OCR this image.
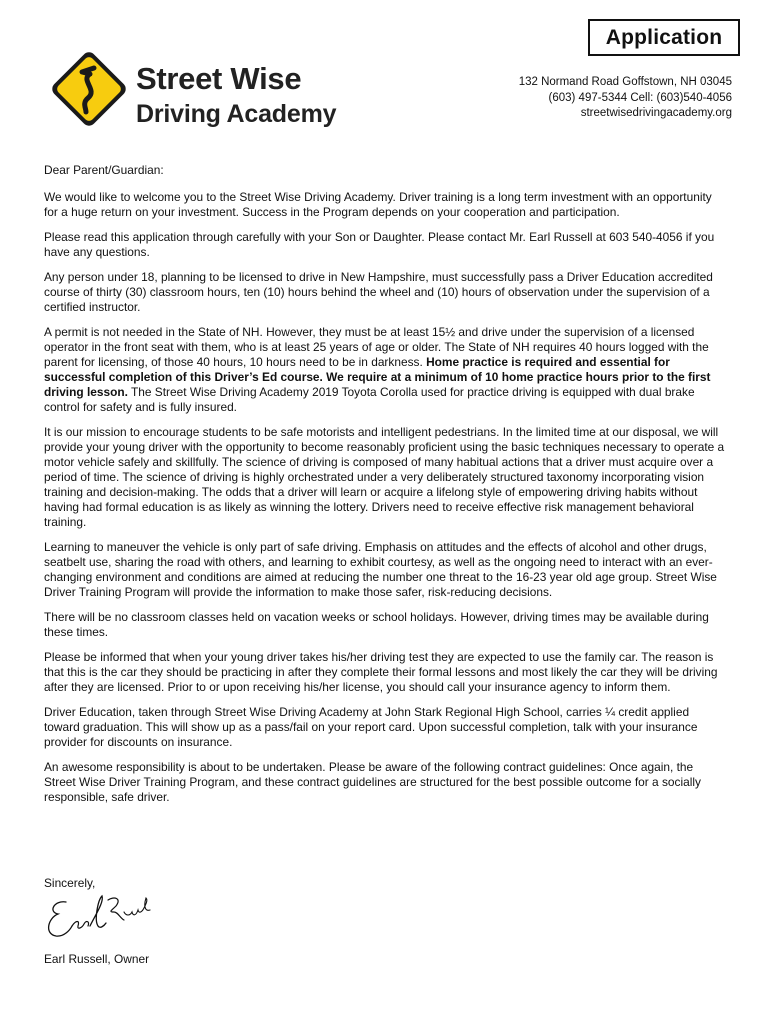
Application
Street Wise
Driving Academy
132 Normand Road Goffstown, NH 03045
(603) 497-5344 Cell: (603)540-4056
streetwisedrivingacademy.org

Dear Parent/Guardian:

We would like to welcome you to the Street Wise Driving Academy. Driver training is a long term investment with an opportunity for a huge return on your investment. Success in the Program depends on your cooperation and participation.

Please read this application through carefully with your Son or Daughter. Please contact Mr. Earl Russell at 603 540-4056 if you have any questions.

Any person under 18, planning to be licensed to drive in New Hampshire, must successfully pass a Driver Education accredited course of thirty (30) classroom hours, ten (10) hours behind the wheel and (10) hours of observation under the supervision of a certified instructor.

A permit is not needed in the State of NH. However, they must be at least 15½ and drive under the supervision of a licensed operator in the front seat with them, who is at least 25 years of age or older. The State of NH requires 40 hours logged with the parent for licensing, of those 40 hours, 10 hours need to be in darkness. Home practice is required and essential for successful completion of this Driver’s Ed course. We require at a minimum of 10 home practice hours prior to the first driving lesson. The Street Wise Driving Academy 2019 Toyota Corolla used for practice driving is equipped with dual brake control for safety and is fully insured.

It is our mission to encourage students to be safe motorists and intelligent pedestrians. In the limited time at our disposal, we will provide your young driver with the opportunity to become reasonably proficient using the basic techniques necessary to operate a motor vehicle safely and skillfully. The science of driving is composed of many habitual actions that a driver must acquire over a period of time. The science of driving is highly orchestrated under a very deliberately structured taxonomy incorporating vision training and decision-making. The odds that a driver will learn or acquire a lifelong style of empowering driving habits without having had formal education is as likely as winning the lottery. Drivers need to receive effective risk management behavioral training.

Learning to maneuver the vehicle is only part of safe driving. Emphasis on attitudes and the effects of alcohol and other drugs, seatbelt use, sharing the road with others, and learning to exhibit courtesy, as well as the ongoing need to interact with an ever-changing environment and conditions are aimed at reducing the number one threat to the 16-23 year old age group. Street Wise Driver Training Program will provide the information to make those safer, risk-reducing decisions.

There will be no classroom classes held on vacation weeks or school holidays. However, driving times may be available during these times.

Please be informed that when your young driver takes his/her driving test they are expected to use the family car. The reason is that this is the car they should be practicing in after they complete their formal lessons and most likely the car they will be driving after they are licensed. Prior to or upon receiving his/her license, you should call your insurance agency to inform them.

Driver Education, taken through Street Wise Driving Academy at John Stark Regional High School, carries ¼ credit applied toward graduation. This will show up as a pass/fail on your report card. Upon successful completion, talk with your insurance provider for discounts on insurance.

An awesome responsibility is about to be undertaken. Please be aware of the following contract guidelines: Once again, the Street Wise Driver Training Program, and these contract guidelines are structured for the best possible outcome for a socially responsible, safe driver.

Sincerely,
Earl Russell, Owner
